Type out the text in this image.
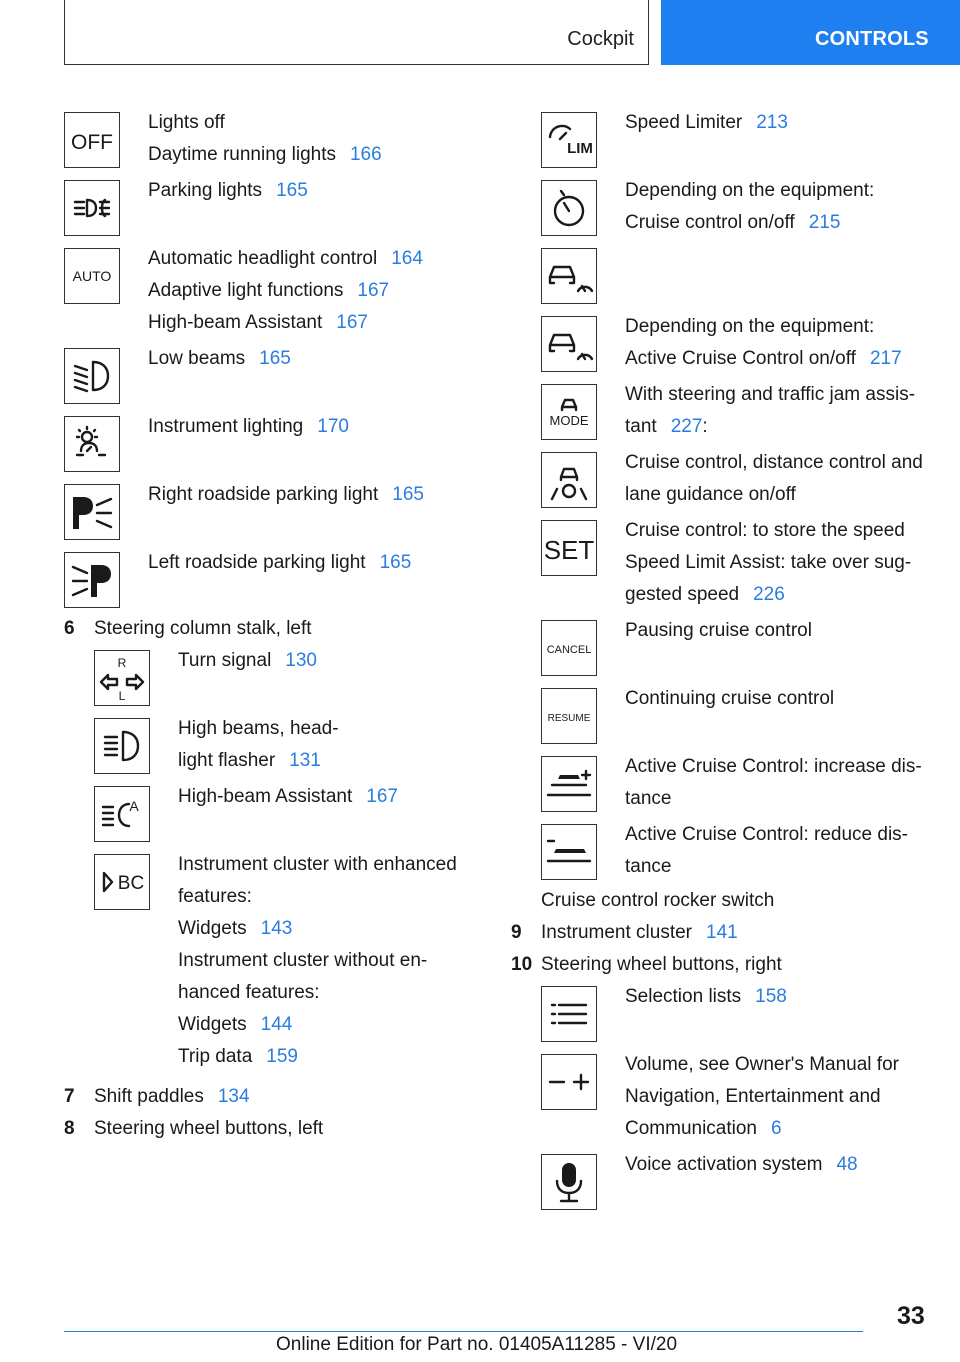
Cockpit	CONTROLS
OFF
Lights off
Daytime running lights 166
Parking lights 165
AUTO
Automatic headlight control 164
Adaptive light functions 167
High-beam Assistant 167
Low beams 165
Instrument lighting 170
Right roadside parking light 165
Left roadside parking light 165
6	Steering column stalk, left
R
L
Turn signal 130
High beams, head-
light flasher 131
A High-beam Assistant 167
BC
Instrument cluster with enhanced
features:
Widgets 143
Instrument cluster without en-
hanced features:
Widgets 144
Trip data 159
7	Shift paddles 134
8	Steering wheel buttons, left
LIM
Speed Limiter 213
Depending on the equipment:
Cruise control on/off 215
Depending on the equipment:
Active Cruise Control on/off 217
MODE
With steering and traffic jam assis-
tant 227:
Cruise control, distance control and
lane guidance on/off
SET
Cruise control: to store the speed
Speed Limit Assist: take over sug-
gested speed 226
CANCEL
Pausing cruise control
RESUME
Continuing cruise control
Active Cruise Control: increase dis-
tance
Active Cruise Control: reduce dis-
tance
Cruise control rocker switch
9	Instrument cluster 141
10 Steering wheel buttons, right
Selection lists 158
Volume, see Owner's Manual for
Navigation, Entertainment and
Communication 6
Voice activation system 48
33
Online Edition for Part no. 01405A11285 - VI/20
